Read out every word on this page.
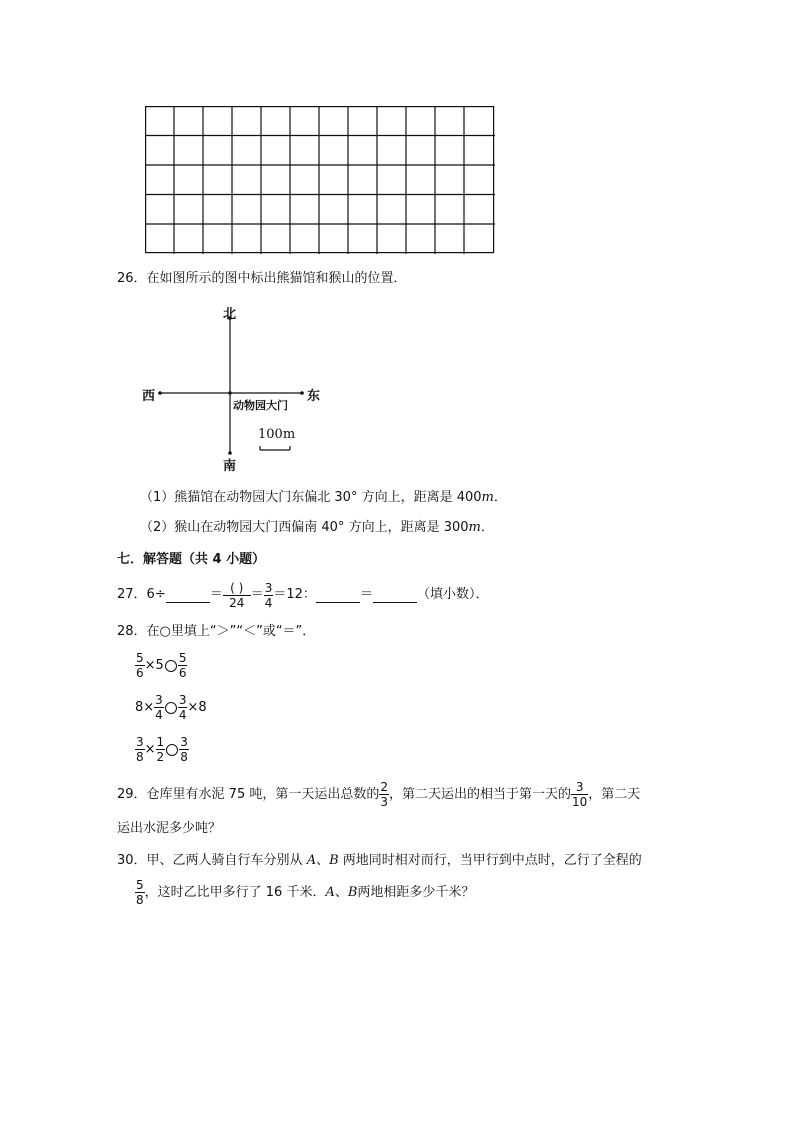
26．在如图所示的图中标出熊猫馆和猴山的位置．
北
南
西	东
动物园大门
100m
（1）熊猫馆在动物园大门东偏北 30° 方向上，距离是 400m．
（2）猴山在动物园大门西偏南 40° 方向上，距离是 300m．
七．解答题（共 4 小题）
27．6÷	＝ $\frac{( )}{24} = \frac{3}{4} =12$：	＝	（填小数）．
28．在○里填上“＞”“＜”或“＝”．
$\frac{5}{6} \times 5 \frac{5}{6}$
$8\times \frac{3}{4} \frac{3}{4} \times 8$
$\frac{3}{8} \times \frac{1}{2} \frac{3}{8}$
29．仓库里有水泥 75 吨，第一天运出总数的 $\frac{2}{3}$ ，第二天运出的相当于第一天的 $\frac{3}{10}$ ，第二天
运出水泥多少吨？
30．甲、乙两人骑自行车分别从 A、B 两地同时相对而行，当甲行到中点时，乙行了全程的
$\frac{5}{8}$ ，这时乙比甲多行了 16 千米． A 、 B 两地相距多少千米？
